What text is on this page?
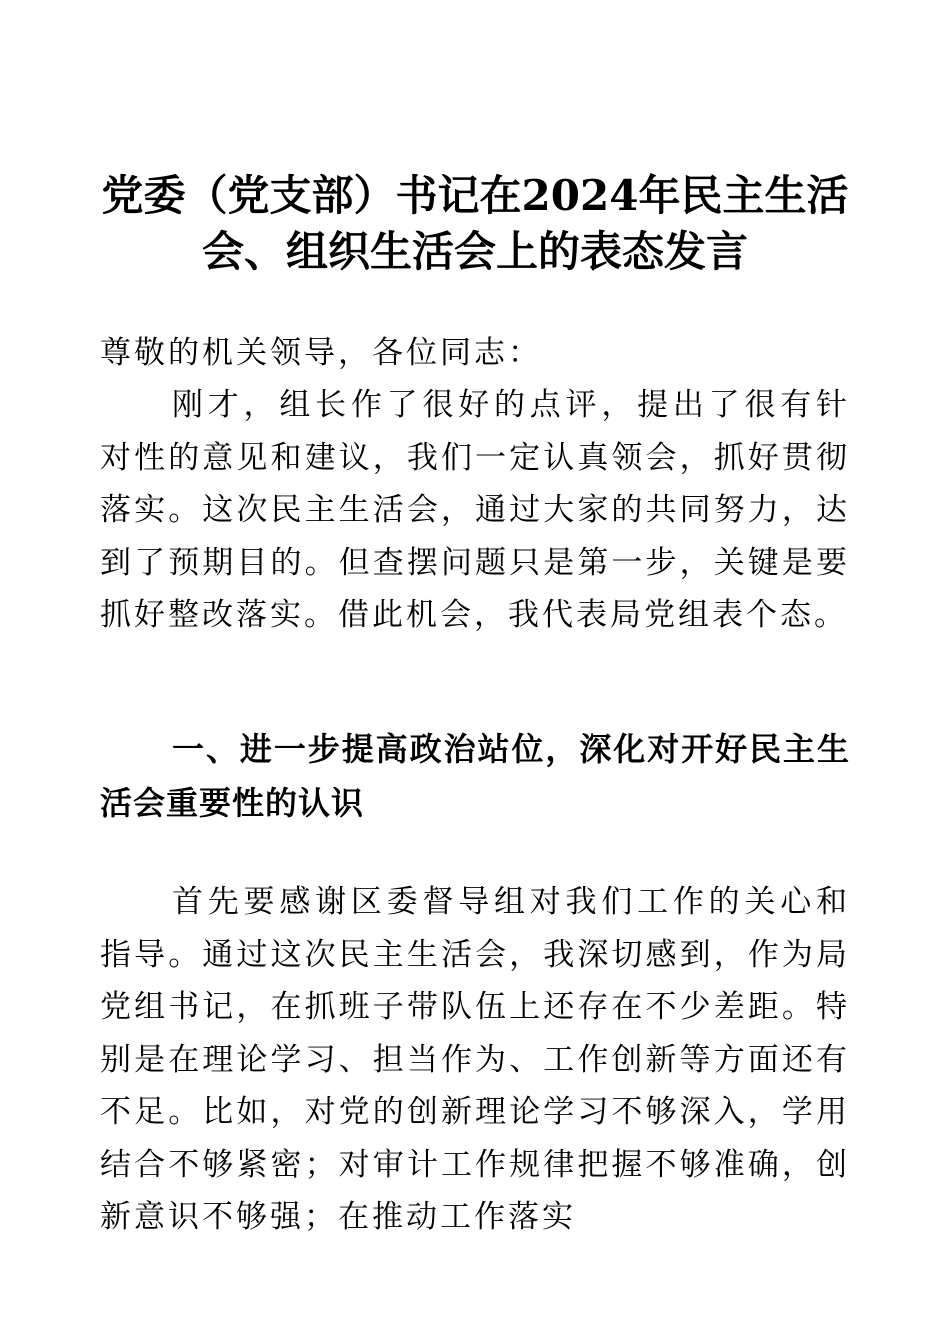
党委（党支部）书记在2024年民主生活会、组织生活会上的表态发言

尊敬的机关领导，各位同志：

刚才，组长作了很好的点评，提出了很有针对性的意见和建议，我们一定认真领会，抓好贯彻落实。这次民主生活会，通过大家的共同努力，达到了预期目的。但查摆问题只是第一步，关键是要抓好整改落实。借此机会，我代表局党组表个态。

一、进一步提高政治站位，深化对开好民主生活会重要性的认识

首先要感谢区委督导组对我们工作的关心和指导。通过这次民主生活会，我深切感到，作为局党组书记，在抓班子带队伍上还存在不少差距。特别是在理论学习、担当作为、工作创新等方面还有不足。比如，对党的创新理论学习不够深入，学用结合不够紧密；对审计工作规律把握不够准确，创新意识不够强；在推动工作落实
